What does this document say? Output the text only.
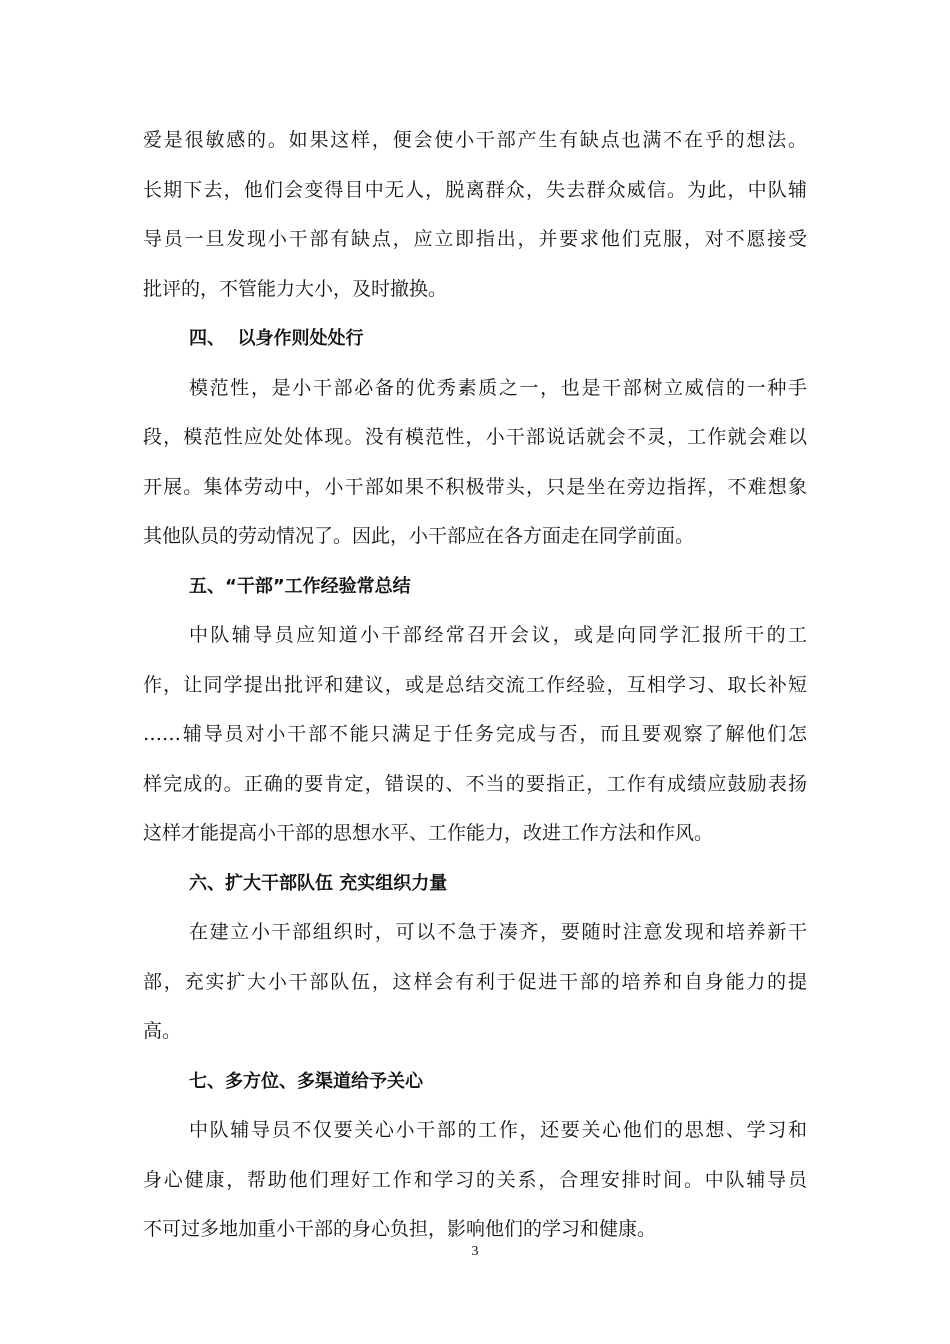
爱是很敏感的。如果这样，便会使小干部产生有缺点也满不在乎的想法。
长期下去，他们会变得目中无人，脱离群众，失去群众威信。为此，中队辅
导员一旦发现小干部有缺点，应立即指出，并要求他们克服，对不愿接受
批评的，不管能力大小，及时撤换。
四、  以身作则处处行
模范性，是小干部必备的优秀素质之一，也是干部树立威信的一种手
段，模范性应处处体现。没有模范性，小干部说话就会不灵，工作就会难以
开展。集体劳动中，小干部如果不积极带头，只是坐在旁边指挥，不难想象
其他队员的劳动情况了。因此，小干部应在各方面走在同学前面。
五、“干部”工作经验常总结
中队辅导员应知道小干部经常召开会议，或是向同学汇报所干的工
作，让同学提出批评和建议，或是总结交流工作经验，互相学习、取长补短
……辅导员对小干部不能只满足于任务完成与否，而且要观察了解他们怎
样完成的。正确的要肯定，错误的、不当的要指正，工作有成绩应鼓励表扬
这样才能提高小干部的思想水平、工作能力，改进工作方法和作风。
六、扩大干部队伍 充实组织力量
在建立小干部组织时，可以不急于凑齐，要随时注意发现和培养新干
部，充实扩大小干部队伍，这样会有利于促进干部的培养和自身能力的提
高。
七、多方位、多渠道给予关心
中队辅导员不仅要关心小干部的工作，还要关心他们的思想、学习和
身心健康，帮助他们理好工作和学习的关系，合理安排时间。中队辅导员
不可过多地加重小干部的身心负担，影响他们的学习和健康。
3
